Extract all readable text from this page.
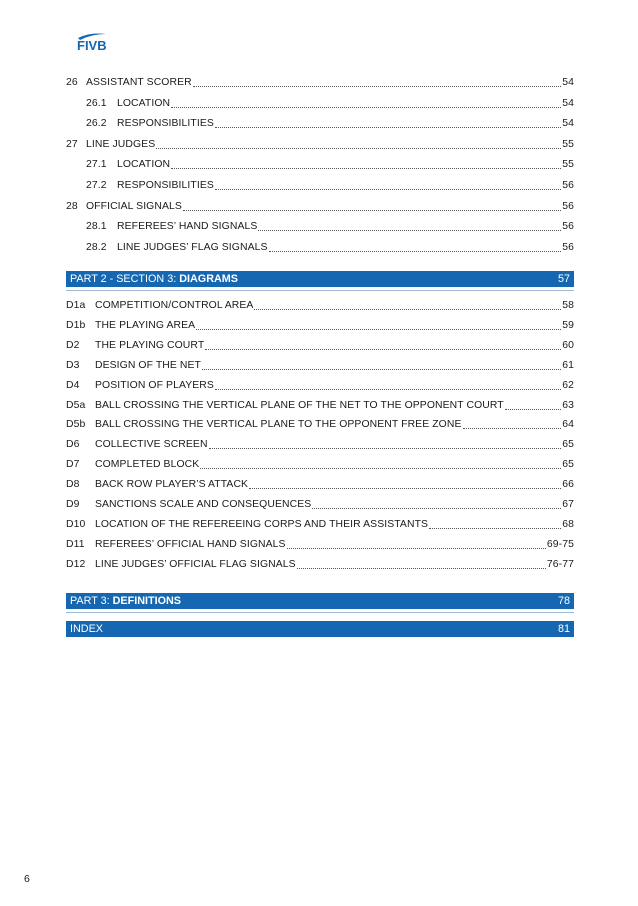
FIVB
26 ASSISTANT SCORER	54
26.1 LOCATION	54
26.2 RESPONSIBILITIES	54
27 LINE JUDGES	55
27.1 LOCATION	55
27.2 RESPONSIBILITIES	56
28 OFFICIAL SIGNALS	56
28.1 REFEREES’ HAND SIGNALS	56
28.2 LINE JUDGES’ FLAG SIGNALS	56
PART 2 - SECTION 3: DIAGRAMS	57
D1a COMPETITION/CONTROL AREA	58
D1b THE PLAYING AREA	59
D2	THE PLAYING COURT	60
D3	DESIGN OF THE NET	61
D4	POSITION OF PLAYERS	62
D5a BALL CROSSING THE VERTICAL PLANE OF THE NET TO THE OPPONENT COURT	63
D5b BALL CROSSING THE VERTICAL PLANE TO THE OPPONENT FREE ZONE	64
D6	COLLECTIVE SCREEN	65
D7	COMPLETED BLOCK	65
D8	BACK ROW PLAYER’S ATTACK	66
D9	SANCTIONS SCALE AND CONSEQUENCES	67
D10 LOCATION OF THE REFEREEING CORPS AND THEIR ASSISTANTS	68
D11	REFEREES’ OFFICIAL HAND SIGNALS	69-75
D12 LINE JUDGES’ OFFICIAL FLAG SIGNALS	76-77
PART 3: DEFINITIONS	78
INDEX	81
6
